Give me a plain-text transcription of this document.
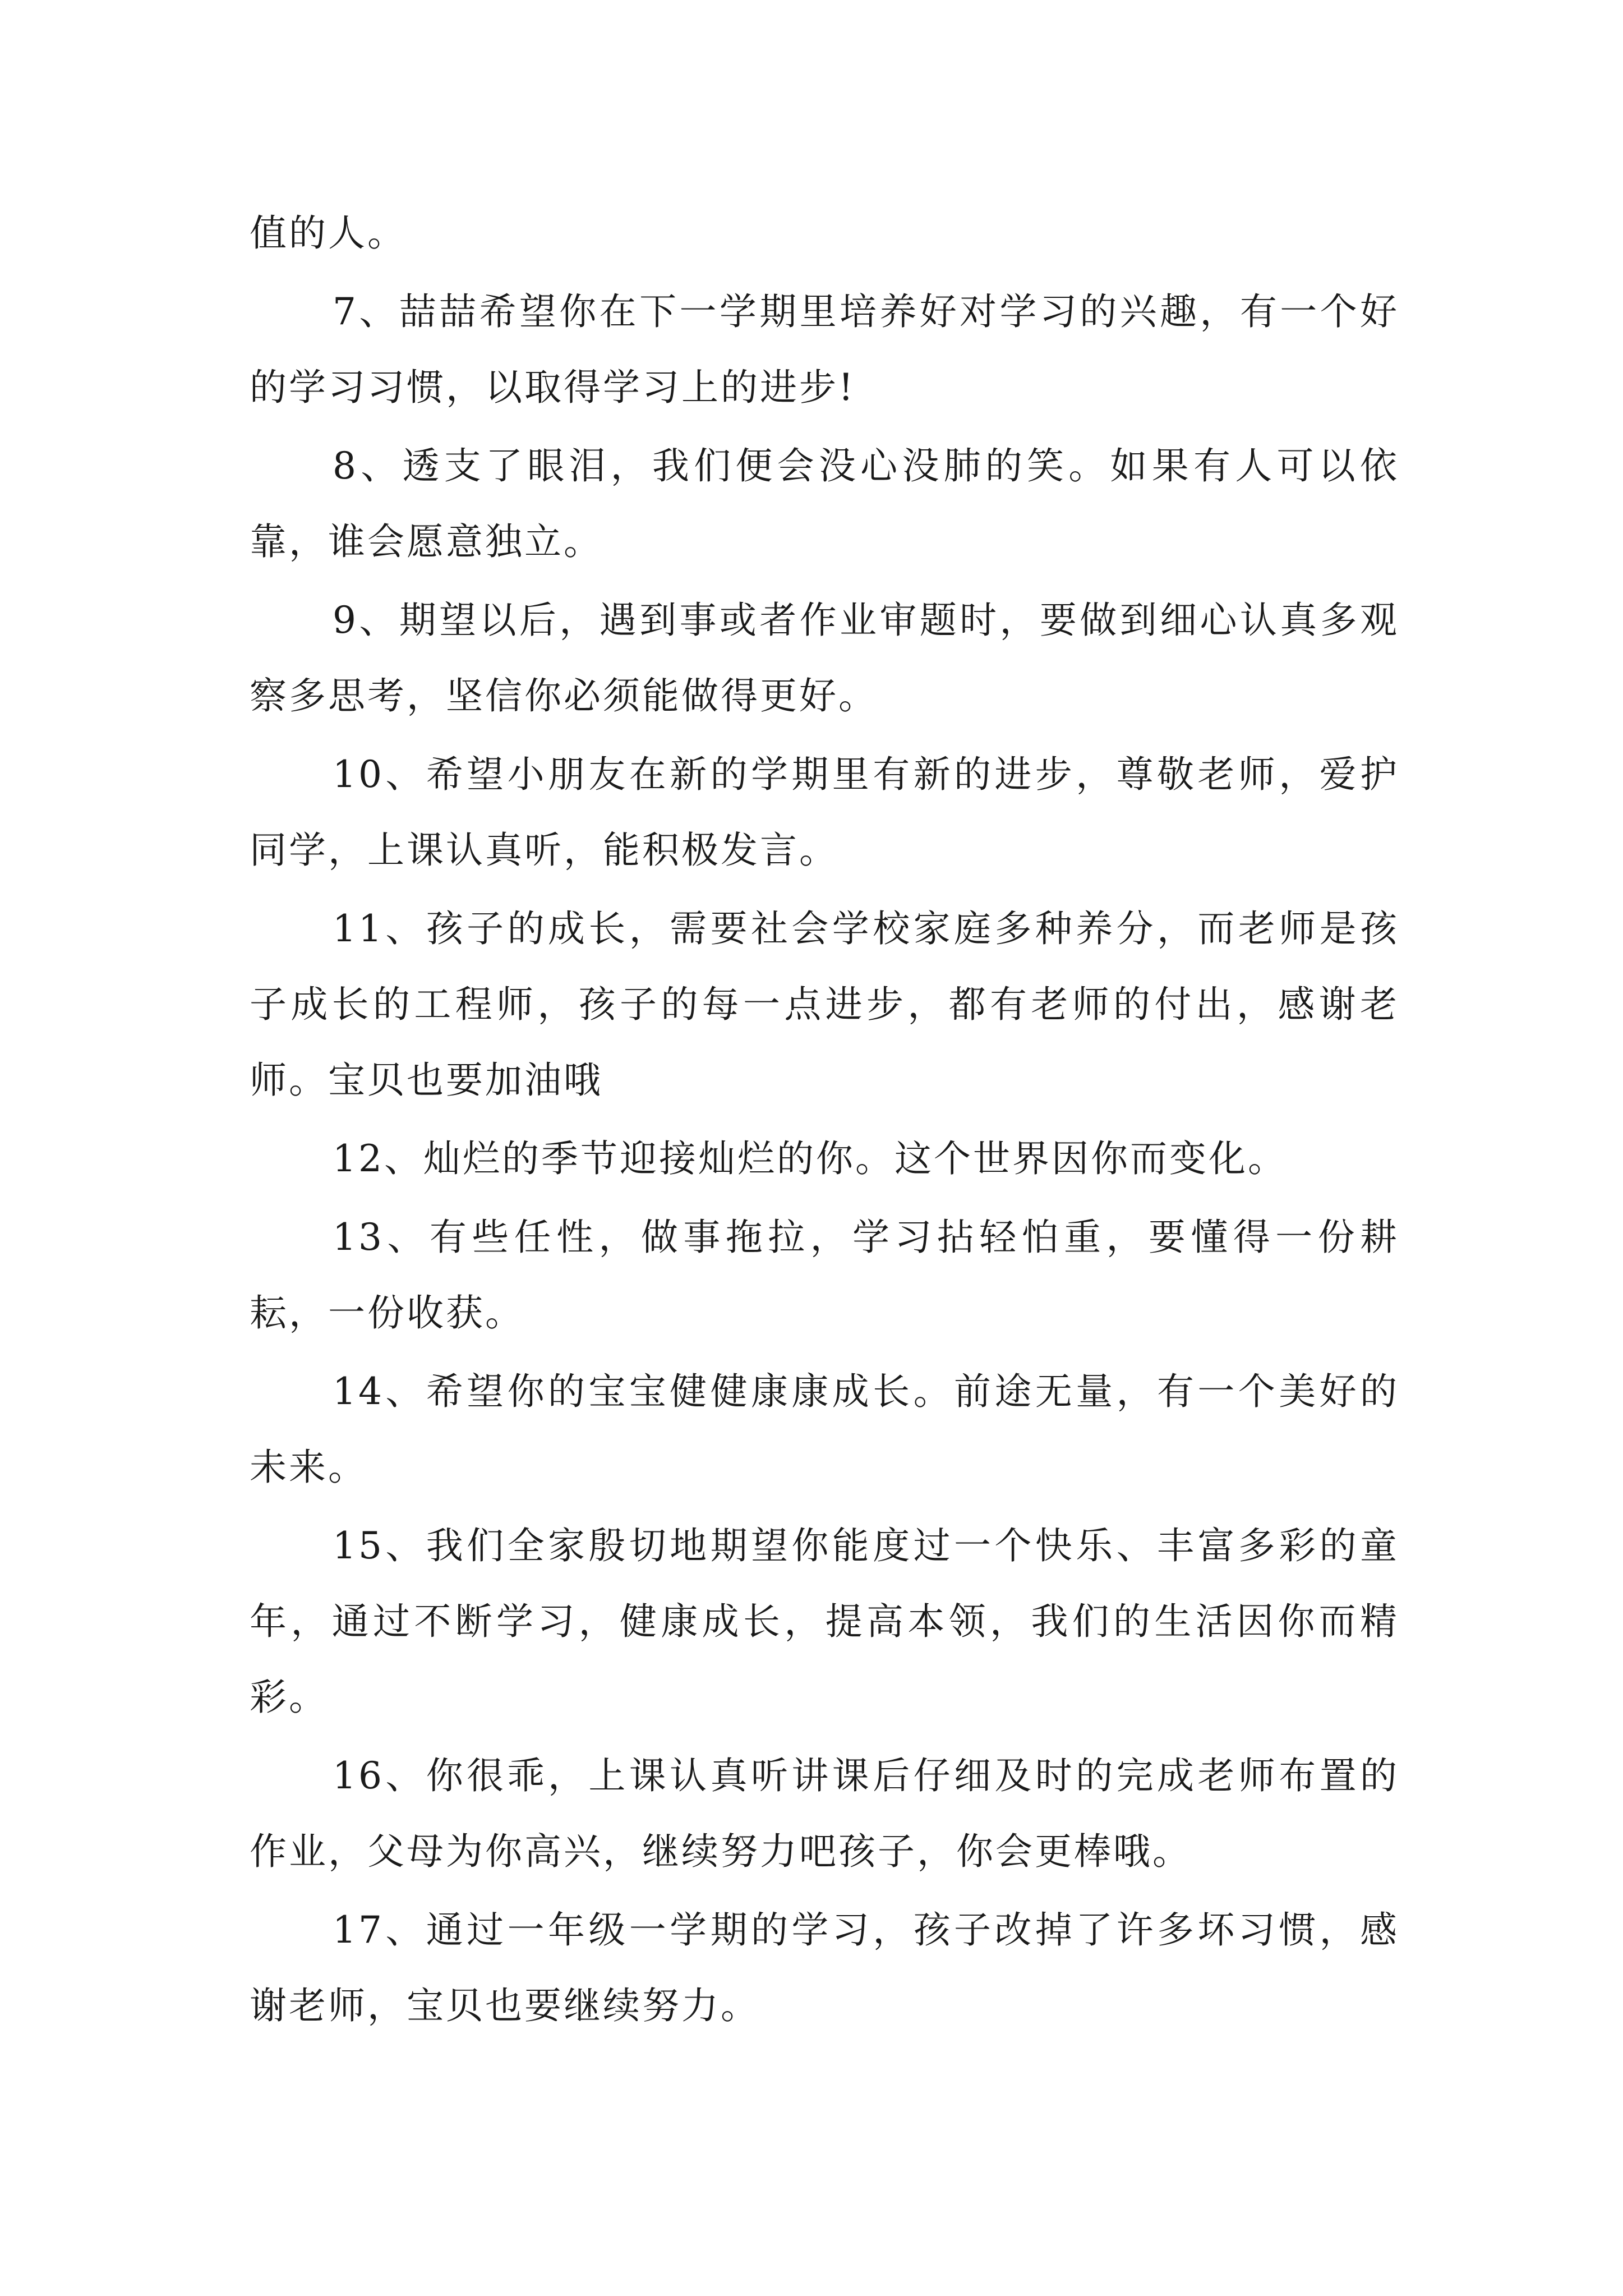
值的人。

7、喆喆希望你在下一学期里培养好对学习的兴趣，有一个好的学习习惯，以取得学习上的进步!

8、透支了眼泪，我们便会没心没肺的笑。如果有人可以依靠，谁会愿意独立。

9、期望以后，遇到事或者作业审题时，要做到细心认真多观察多思考，坚信你必须能做得更好。

10、希望小朋友在新的学期里有新的进步，尊敬老师，爱护同学，上课认真听，能积极发言。

11、孩子的成长，需要社会学校家庭多种养分，而老师是孩子成长的工程师，孩子的每一点进步，都有老师的付出，感谢老师。宝贝也要加油哦

12、灿烂的季节迎接灿烂的你。这个世界因你而变化。

13、有些任性，做事拖拉，学习拈轻怕重，要懂得一份耕耘，一份收获。

14、希望你的宝宝健健康康成长。前途无量，有一个美好的未来。

15、我们全家殷切地期望你能度过一个快乐、丰富多彩的童年，通过不断学习，健康成长，提高本领，我们的生活因你而精彩。

16、你很乖，上课认真听讲课后仔细及时的完成老师布置的作业，父母为你高兴，继续努力吧孩子，你会更棒哦。

17、通过一年级一学期的学习，孩子改掉了许多坏习惯，感谢老师，宝贝也要继续努力。
